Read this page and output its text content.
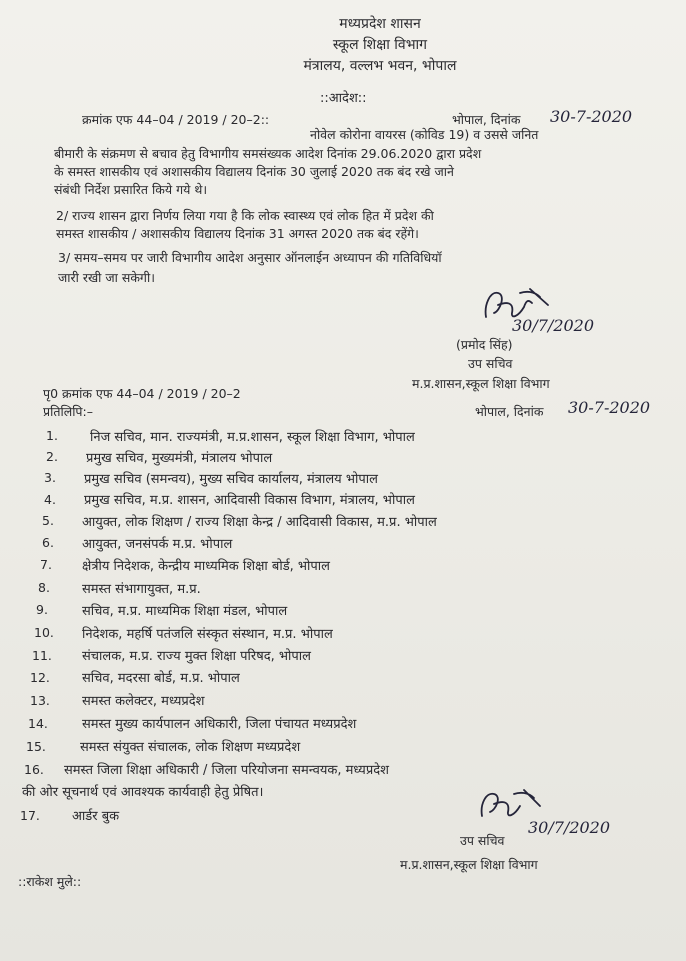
मध्यप्रदेश शासन
स्कूल शिक्षा विभाग
मंत्रालय, वल्लभ भवन, भोपाल
::आदेश::
क्रमांक एफ 44–04 / 2019 / 20–2::	भोपाल, दिनांक 30-7-2020
नोवेल कोरोना वायरस (कोविड 19) व उससे जनित
बीमारी के संक्रमण से बचाव हेतु विभागीय समसंख्यक आदेश दिनांक 29.06.2020 द्वारा प्रदेश
के समस्त शासकीय एवं अशासकीय विद्यालय दिनांक 30 जुलाई 2020 तक बंद रखे जाने
संबंधी निर्देश प्रसारित किये गये थे।
2/ राज्य शासन द्वारा निर्णय लिया गया है कि लोक स्वास्थ्य एवं लोक हित में प्रदेश की
समस्त शासकीय / अशासकीय विद्यालय दिनांक 31 अगस्त 2020 तक बंद रहेंगे।
3/ समय–समय पर जारी विभागीय आदेश अनुसार ऑनलाईन अध्यापन की गतिविधियॉ
जारी रखी जा सकेगी।
30/7/2020
(प्रमोद सिंह)
उप सचिव
म.प्र.शासन,स्कूल शिक्षा विभाग
पृ0 क्रमांक एफ 44–04 / 2019 / 20–2
प्रतिलिपि:–	भोपाल, दिनांक 30-7-2020
1.	निज सचिव, मान. राज्यमंत्री, म.प्र.शासन, स्कूल शिक्षा विभाग, भोपाल
2.	प्रमुख सचिव, मुख्यमंत्री, मंत्रालय भोपाल
3.	प्रमुख सचिव (समन्वय), मुख्य सचिव कार्यालय, मंत्रालय भोपाल
4.	प्रमुख सचिव, म.प्र. शासन, आदिवासी विकास विभाग, मंत्रालय, भोपाल
5.	आयुक्त, लोक शिक्षण / राज्य शिक्षा केन्द्र / आदिवासी विकास, म.प्र. भोपाल
6.	आयुक्त, जनसंपर्क म.प्र. भोपाल
7.	क्षेत्रीय निदेशक, केन्द्रीय माध्यमिक शिक्षा बोर्ड, भोपाल
8.	समस्त संभागायुक्त, म.प्र.
9.	सचिव, म.प्र. माध्यमिक शिक्षा मंडल, भोपाल
10.	निदेशक, महर्षि पतंजलि संस्कृत संस्थान, म.प्र. भोपाल
11.	संचालक, म.प्र. राज्य मुक्त शिक्षा परिषद, भोपाल
12.	सचिव, मदरसा बोर्ड, म.प्र. भोपाल
13.	समस्त कलेक्टर, मध्यप्रदेश
14.	समस्त मुख्य कार्यपालन अधिकारी, जिला पंचायत मध्यप्रदेश
15.	समस्त संयुक्त संचालक, लोक शिक्षण मध्यप्रदेश
16.	समस्त जिला शिक्षा अधिकारी / जिला परियोजना समन्वयक, मध्यप्रदेश
की ओर सूचनार्थ एवं आवश्यक कार्यवाही हेतु प्रेषित।
17.	आर्डर बुक
30/7/2020
उप सचिव
म.प्र.शासन,स्कूल शिक्षा विभाग
::राकेश मुले::
